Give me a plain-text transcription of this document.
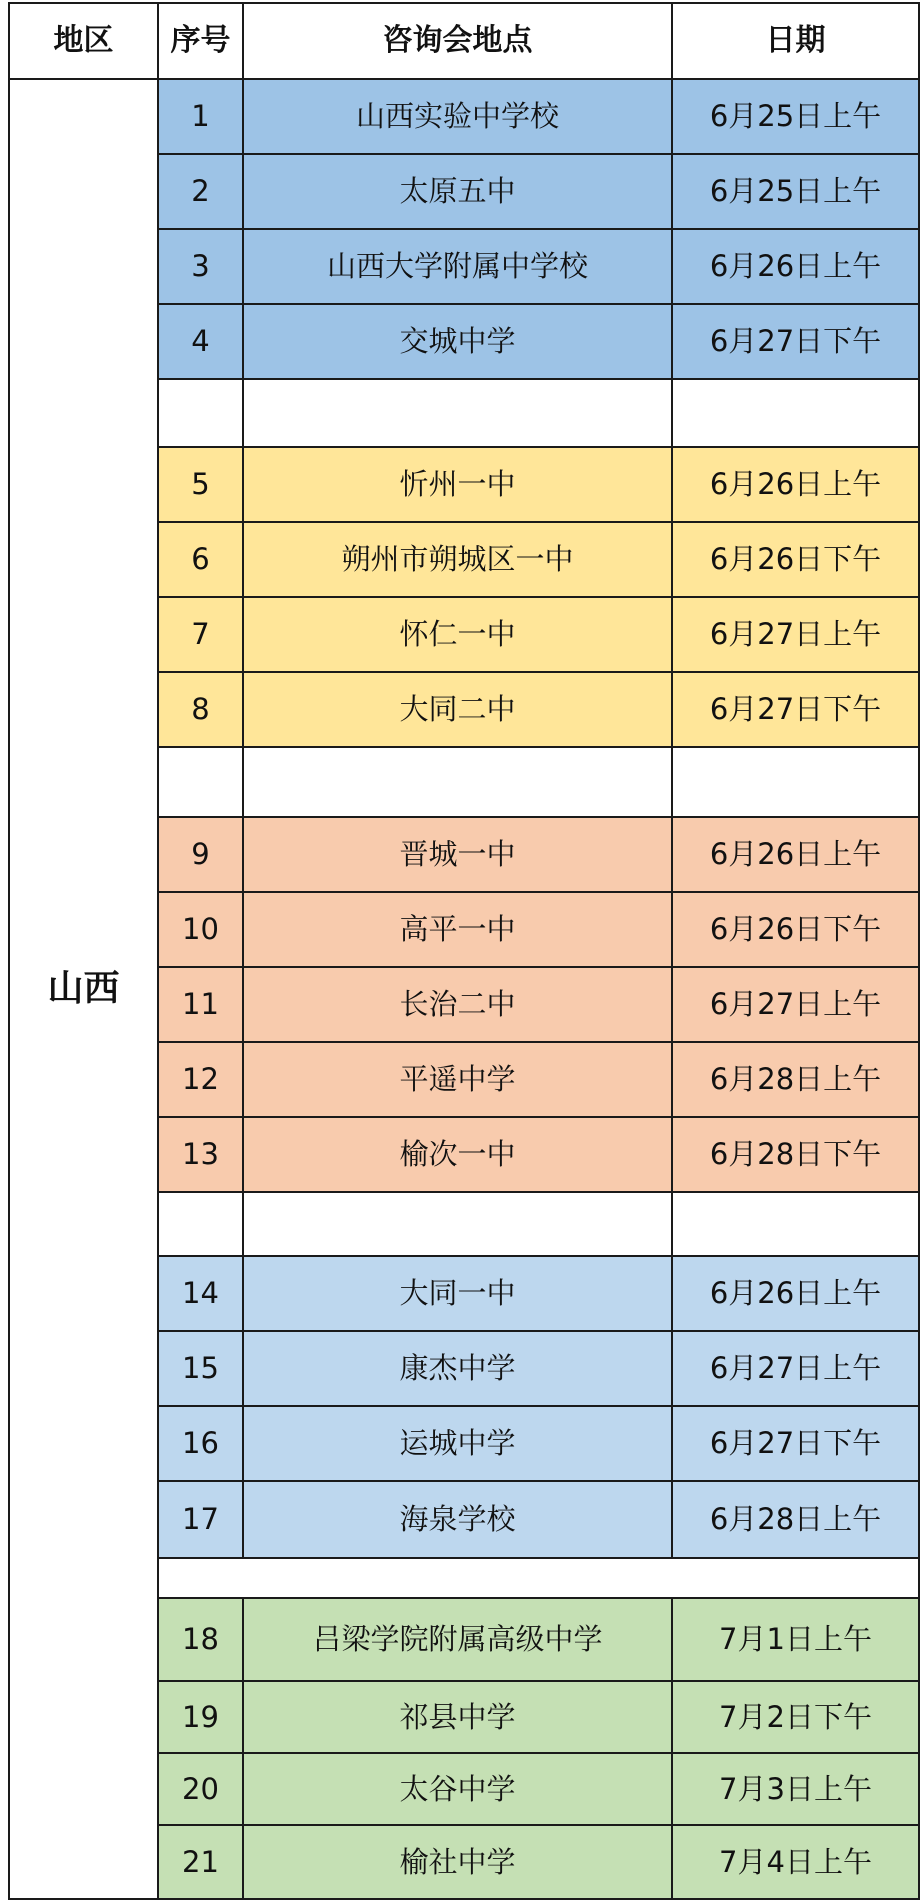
地区	序号	咨询会地点	日期
山西
1	山西实验中学校	6月25日上午
2	太原五中	6月25日上午
3	山西大学附属中学校	6月26日上午
4	交城中学	6月27日下午
5	忻州一中	6月26日上午
6	朔州市朔城区一中	6月26日下午
7	怀仁一中	6月27日上午
8	大同二中	6月27日下午
9	晋城一中	6月26日上午
10	高平一中	6月26日下午
11	长治二中	6月27日上午
12	平遥中学	6月28日上午
13	榆次一中	6月28日下午
14	大同一中	6月26日上午
15	康杰中学	6月27日上午
16	运城中学	6月27日下午
17	海泉学校	6月28日上午
18	吕梁学院附属高级中学	7月1日上午
19	祁县中学	7月2日下午
20	太谷中学	7月3日上午
21	榆社中学	7月4日上午
